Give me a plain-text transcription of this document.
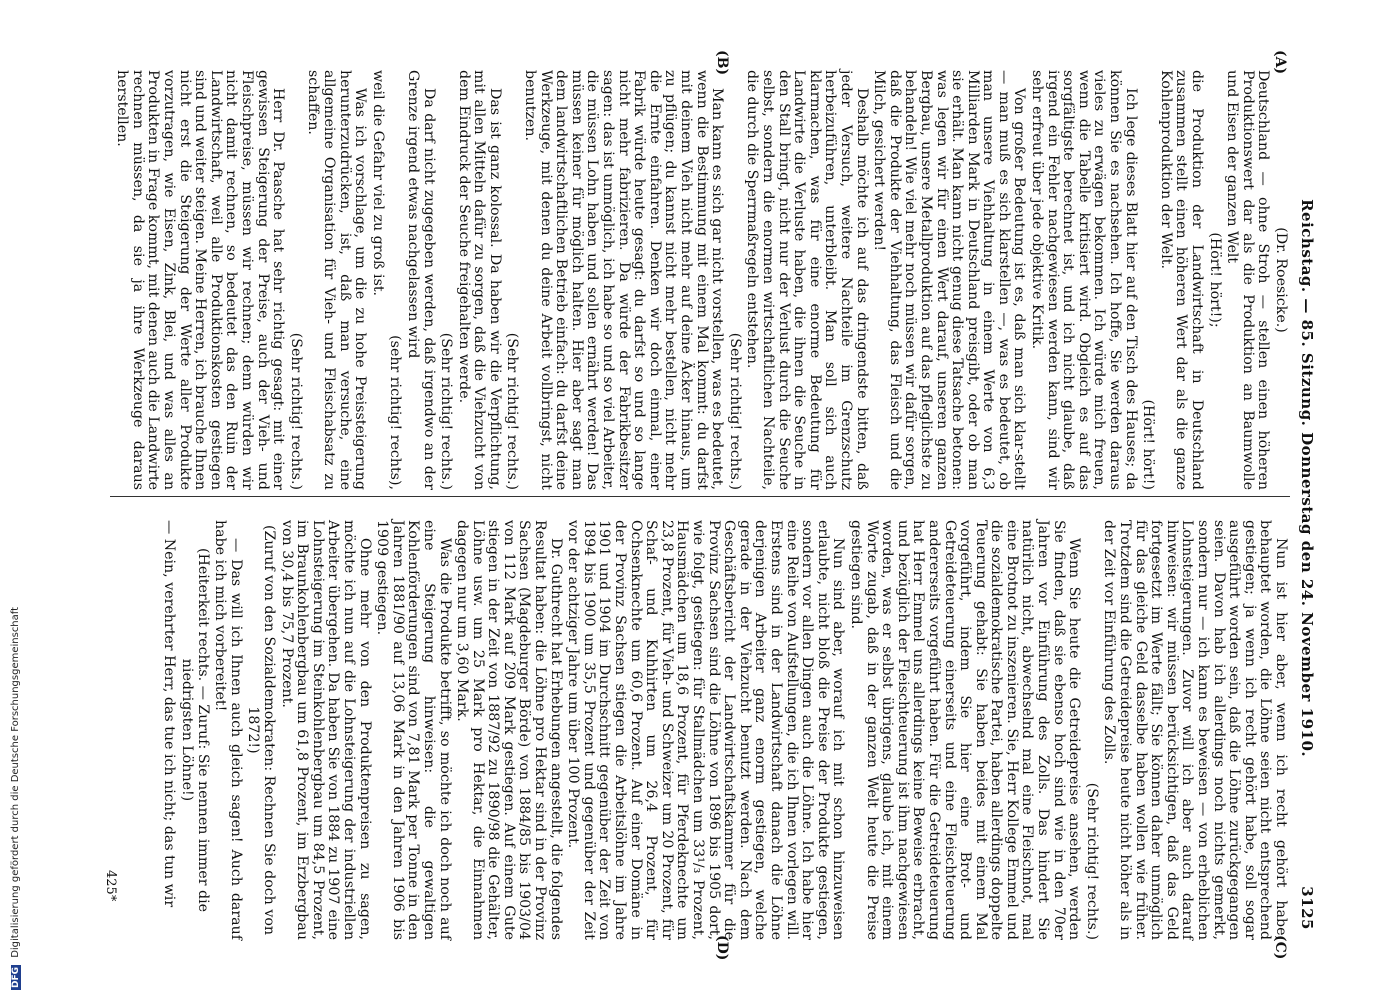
Reichstag. — 85. Sitzung. Donnerstag den 24. November 1910.
3125
(A)
(B)
(C)
(D)

(Dr. Roesicke.)

Deutschland — ohne Stroh — stellen einen höheren Produktionswert dar als die Produktion an Baumwolle und Eisen der ganzen Welt

(Hört! hört!);

die Produktion der Landwirtschaft in Deutschland zusammen stellt einen höheren Wert dar als die ganze Kohlenproduktion der Welt.

(Hört! hört!)

Ich lege dieses Blatt hier auf den Tisch des Hauses; da können Sie es nachsehen. Ich hoffe, Sie werden daraus vieles zu erwägen bekommen. Ich würde mich freuen, wenn die Tabelle kritisiert wird. Obgleich es auf das sorgfältigste berechnet ist, und ich nicht glaube, daß irgend ein Fehler nachgewiesen werden kann, sind wir sehr erfreut über jede objektive Kritik.

Von großer Bedeutung ist es, daß man sich klar-stellt — man muß es sich klarstellen —, was es bedeutet, ob man unsere Viehhaltung in einem Werte von 6,3 Milliarden Mark in Deutschland preisgibt, oder ob man sie erhält. Man kann nicht genug diese Tatsache betonen: was legen wir für einen Wert darauf, unseren ganzen Bergbau, unsere Metallproduktion auf das pfleglichste zu behandeln! Wie viel mehr noch müssen wir dafür sorgen, daß die Produkte der Viehhaltung, das Fleisch und die Milch, gesichert werden!

Deshalb möchte ich auf das dringendste bitten, daß jeder Versuch, weitere Nachteile im Grenzschutz herbeizuführen, unterbleibt. Man soll sich auch klarmachen, was für eine enorme Bedeutung für Landwirte die Verluste haben, die ihnen die Seuche in den Stall bringt, nicht nur der Verlust durch die Seuche selbst, sondern die enormen wirtschaftlichen Nachteile, die durch die Sperrmaßregeln entstehen.

(Sehr richtig! rechts.)

Man kann es sich gar nicht vorstellen, was es bedeutet, wenn die Bestimmung mit einem Mal kommt: du darfst mit deinem Vieh nicht mehr auf deine Äcker hinaus, um zu pflügen; du kannst nicht mehr bestellen, nicht mehr die Ernte einfahren. Denken wir doch einmal, einer Fabrik würde heute gesagt: du darfst so und so lange nicht mehr fabrizieren. Da würde der Fabrikbesitzer sagen: das ist unmöglich, ich habe so und so viel Arbeiter, die müssen Lohn haben und sollen ernährt werden! Das müssen keiner für möglich halten. Hier aber sagt man dem landwirtschaftlichen Betrieb einfach: du darfst deine Werkzeuge, mit denen du deine Arbeit vollbringst, nicht benutzen.

(Sehr richtig! rechts.)

Das ist ganz kolossal. Da haben wir die Verpflichtung, mit allen Mitteln dafür zu sorgen, daß die Viehzucht von dem Eindruck der Seuche freigehalten werde.

(Sehr richtig! rechts.)

Da darf nicht zugegeben werden, daß irgendwo an der Grenze irgend etwas nachgelassen wird

(sehr richtig! rechts),

weil die Gefahr viel zu groß ist.

Was ich vorschlage, um die zu hohe Preissteigerung herunterzudrücken, ist, daß man versuche, eine allgemeine Organisation für Vieh- und Fleischabsatz zu schaffen.

(Sehr richtig! rechts.)

Herr Dr. Paasche hat sehr richtig gesagt: mit einer gewissen Steigerung der Preise, auch der Vieh- und Fleischpreise, müssen wir rechnen; denn würden wir nicht damit rechnen, so bedeutet das den Ruin der Landwirtschaft, weil alle Produktionskosten gestiegen sind und weiter steigen. Meine Herren, ich brauche Ihnen nicht erst die Steigerung der Werte aller Produkte vorzutragen, wie Eisen, Zink, Blei, und was alles an Produkten in Frage kommt, mit denen auch die Landwirte rechnen müssen, da sie ja ihre Werkzeuge daraus herstellen.

Nun ist hier aber, wenn ich recht gehört habe, behauptet worden, die Löhne seien nicht entsprechend gestiegen; ja wenn ich recht gehört habe, soll sogar ausgeführt worden sein, daß die Löhne zurückgegangen seien. Davon hab ich allerdings noch nichts gemerkt, sondern nur — ich kann es beweisen — von erheblichen Lohnsteigerungen. Zuvor will ich aber auch darauf hinweisen: wir müssen berücksichtigen, daß das Geld fortgesetzt im Werte fällt; Sie können daher unmöglich für das gleiche Geld dasselbe haben wollen wie früher. Trotzdem sind die Getreidepreise heute nicht höher als in der Zeit vor Einführung des Zolls.

(Sehr richtig! rechts.)

Wenn Sie heute die Getreidepreise ansehen, werden Sie finden, daß sie ebenso hoch sind wie in den 70er Jahren vor Einführung des Zolls. Das hindert Sie natürlich nicht, abwechselnd mal eine Fleischnot, mal eine Brotnot zu inszenieren. Sie, Herr Kollege Emmel und die sozialdemokratische Partei, haben allerdings doppelte Teuerung gehabt: Sie haben beides mit einem Mal vorgeführt, indem Sie hier eine Brot- und Getreideteuerung einerseits und eine Fleischteuerung andererseits vorgeführt haben. Für die Getreideteuerung hat Herr Emmel uns allerdings keine Beweise erbracht, und bezüglich der Fleischteuerung ist ihm nachgewiesen worden, was er selbst übrigens, glaube ich, mit einem Worte zugab, daß in der ganzen Welt heute die Preise gestiegen sind.

Nun sind aber, worauf ich mit schon hinzuweisen erlaubte, nicht bloß die Preise der Produkte gestiegen, sondern vor allen Dingen auch die Löhne. Ich habe hier eine Reihe von Aufstellungen, die ich Ihnen vorlegen will. Erstens sind in der Landwirtschaft danach die Löhne derjenigen Arbeiter ganz enorm gestiegen, welche gerade in der Viehzucht benutzt werden. Nach dem Geschäftsbericht der Landwirtschaftskammer für die Provinz Sachsen sind die Löhne von 1896 bis 1905 dort, wie folgt, gestiegen: für Stallmädchen um 33¹/₃ Prozent, Hausmädchen um 18,6 Prozent, für Pferdeknechte um 23,8 Prozent, für Vieh- und Schweizer um 20 Prozent, für Schaf- und Kuhhirten um 26,4 Prozent, für Ochsenknechte um 60,6 Prozent. Auf einer Domäne in der Provinz Sachsen stiegen die Arbeitslöhne im Jahre 1901 und 1904 im Durchschnitt gegenüber der Zeit von 1894 bis 1900 um 35,5 Prozent und gegenüber der Zeit vor der achtziger Jahre um über 100 Prozent.

Dr. Guthrecht hat Erhebungen angestellt, die folgendes Resultat haben: die Löhne pro Hektar sind in der Provinz Sachsen (Magdeburger Börde) von 1884/85 bis 1903/04 von 112 Mark auf 209 Mark gestiegen. Auf einem Gute stiegen in der Zeit von 1887/92 zu 1890/98 die Gehälter, Löhne usw. um 25 Mark pro Hektar, die Einnahmen dagegen nur um 3,60 Mark.

Was die Produkte betrifft, so möchte ich doch noch auf eine Steigerung hinweisen: die gewaltigen Kohlenförderungen sind von 7,81 Mark per Tonne in den Jahren 1881/90 auf 13,06 Mark in den Jahren 1906 bis 1909 gestiegen.

Ohne mehr von den Produktenpreisen zu sagen, möchte ich nun auf die Lohnsteigerung der industriellen Arbeiter übergehen. Da haben Sie von 1884 zu 1907 eine Lohnsteigerung im Steinkohlenbergbau um 84,5 Prozent, im Braunkohlenbergbau um 61,8 Prozent, im Erzbergbau von 30,4 bis 75,7 Prozent.

(Zuruf von den Sozialdemokraten: Rechnen Sie doch von 1872!)

— Das will ich Ihnen auch gleich sagen! Auch darauf habe ich mich vorbereitet!

(Heiterkeit rechts. — Zuruf: Sie nennen immer die niedrigsten Löhne!)

— Nein, verehrter Herr, das tue ich nicht; das tun wir

425*
DFG Digitalisierung gefördert durch die Deutsche Forschungsgemeinschaft
